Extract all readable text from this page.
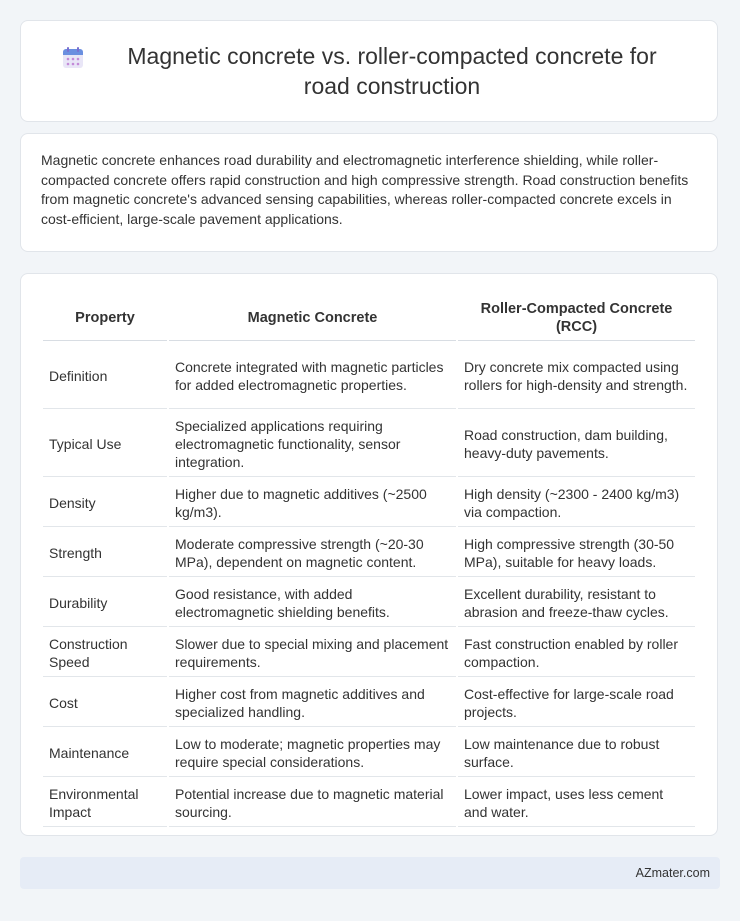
Magnetic concrete vs. roller-compacted concrete for road construction

Magnetic concrete enhances road durability and electromagnetic interference shielding, while roller-compacted concrete offers rapid construction and high compressive strength. Road construction benefits from magnetic concrete's advanced sensing capabilities, whereas roller-compacted concrete excels in cost-efficient, large-scale pavement applications.

Property	Magnetic Concrete	Roller-Compacted Concrete (RCC)
Definition	Concrete integrated with magnetic particles for added electromagnetic properties.	Dry concrete mix compacted using rollers for high-density and strength.
Typical Use	Specialized applications requiring electromagnetic functionality, sensor integration.	Road construction, dam building, heavy-duty pavements.
Density	Higher due to magnetic additives (~2500 kg/m3).	High density (~2300 - 2400 kg/m3) via compaction.
Strength	Moderate compressive strength (~20-30 MPa), dependent on magnetic content.	High compressive strength (30-50 MPa), suitable for heavy loads.
Durability	Good resistance, with added electromagnetic shielding benefits.	Excellent durability, resistant to abrasion and freeze-thaw cycles.
Construction Speed	Slower due to special mixing and placement requirements.	Fast construction enabled by roller compaction.
Cost	Higher cost from magnetic additives and specialized handling.	Cost-effective for large-scale road projects.
Maintenance	Low to moderate; magnetic properties may require special considerations.	Low maintenance due to robust surface.
Environmental Impact	Potential increase due to magnetic material sourcing.	Lower impact, uses less cement and water.
AZmater.com
